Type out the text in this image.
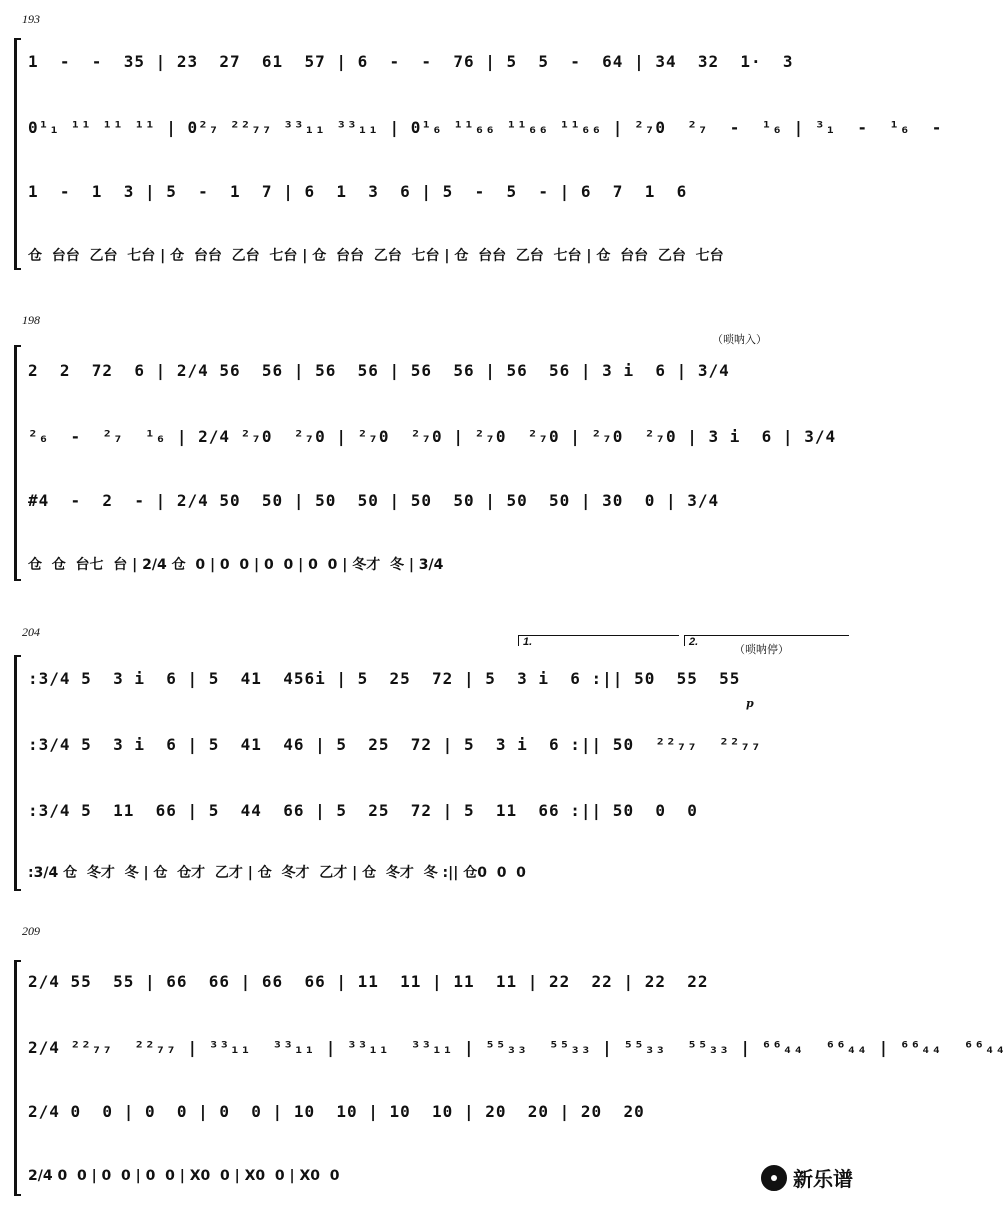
193
1  -  -  35 | 23  27  61  57 | 6  -  -  76 | 5  5  -  64 | 34  32  1·  3
0¹₁ ¹¹ ¹¹ ¹¹ | 0²₇ ²²₇₇ ³³₁₁ ³³₁₁ | 0¹₆ ¹¹₆₆ ¹¹₆₆ ¹¹₆₆ | ²₇0  ²₇  -  ¹₆ | ³₁  -  ¹₆  -
1  -  1  3 | 5  -  1  7 | 6  1  3  6 | 5  -  5  - | 6  7  1  6
仓  台台  乙台  七台 | 仓  台台  乙台  七台 | 仓  台台  乙台  七台 | 仓  台台  乙台  七台 | 仓  台台  乙台  七台
198
（唢呐入）
2  2  72  6 | 2/4 56  56 | 56  56 | 56  56 | 56  56 | 3 i  6 | 3/4
²₆  -  ²₇  ¹₆ | 2/4 ²₇0  ²₇0 | ²₇0  ²₇0 | ²₇0  ²₇0 | ²₇0  ²₇0 | 3 i  6 | 3/4
#4  -  2  - | 2/4 50  50 | 50  50 | 50  50 | 50  50 | 30  0 | 3/4
仓  仓  台七  台 | 2/4 仓  0 | 0  0 | 0  0 | 0  0 | 冬才  冬 | 3/4
204
1.	2.
（唢呐停）
:3/4 5  3 i  6 | 5  41  456i | 5  25  72 | 5  3 i  6 :|| 50  55  55
p
:3/4 5  3 i  6 | 5  41  46 | 5  25  72 | 5  3 i  6 :|| 50  ²²₇₇  ²²₇₇
:3/4 5  11  66 | 5  44  66 | 5  25  72 | 5  11  66 :|| 50  0  0
:3/4 仓  冬才  冬 | 仓  仓才  乙才 | 仓  冬才  乙才 | 仓  冬才  冬 :|| 仓0  0  0
209
2/4 55  55 | 66  66 | 66  66 | 11  11 | 11  11 | 22  22 | 22  22
2/4 ²²₇₇  ²²₇₇ | ³³₁₁  ³³₁₁ | ³³₁₁  ³³₁₁ | ⁵⁵₃₃  ⁵⁵₃₃ | ⁵⁵₃₃  ⁵⁵₃₃ | ⁶⁶₄₄  ⁶⁶₄₄ | ⁶⁶₄₄  ⁶⁶₄₄
2/4 0  0 | 0  0 | 0  0 | 10  10 | 10  10 | 20  20 | 20  20
2/4 0  0 | 0  0 | 0  0 | X0  0 | X0  0 | X0  0	新乐谱
